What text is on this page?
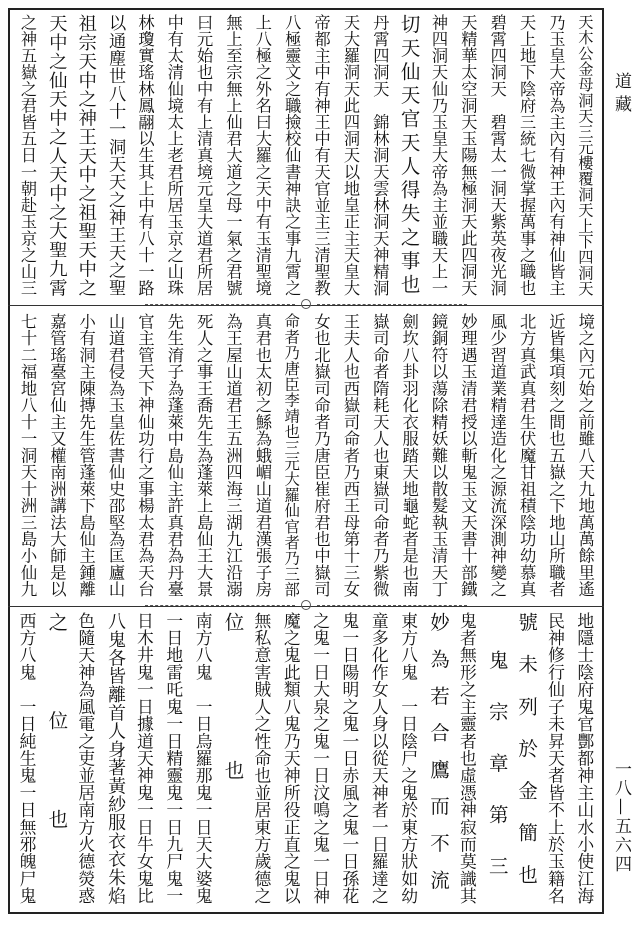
道藏
一八—五六四
天木公金母洞天三元樓覆洞天上下四洞天
乃玉皇大帝為主內有神王內有神仙皆主
天上地下陰府三統七微掌握萬事之職也
碧霄四洞天　碧霄太一洞天紫英夜光洞
天精華太空洞天玉陽無極洞天此四洞天
神四洞天仙乃玉皇大帝為主並職天上一
切天仙天官天人得失之事也
丹霄四洞天　錦林洞天雲林洞天神精洞
天大羅洞天此四洞天以地皇正主天皇大
帝都主中有神王中有天官並主三清聖教
八極靈文之職撿校仙書神訣之事九霄之
上八極之外名曰大羅之天中有玉清聖境
無上至宗無上仙君大道之母一氣之君號
曰元始也中有上清真境元皇大道君所居
中有太清仙境太上老君所居玉京之山珠
林瓊實瑤林鳳翮以生其上中有八十一路
以通塵世八十一洞天天之神王天之聖
祖宗天中之神王天中之祖聖天中之
天中之仙天中之人天中之大聖九霄
之神五嶽之君皆五日一朝赴玉京之山三
境之內元始之前雖八天九地萬萬餘里遙
近皆集項刻之間也五嶽之下地山所職者
北方真武真君生伏魔甘祖積陰功幼慕真
風少習道業精達造化之源流深測神變之
妙理遇玉清君授以斬鬼玉文天書十部鐵
鏡銅符以蕩除精妖難以散髮執玉清天丁
劍坎八卦羽化衣服踏天地龜蛇者是也南
嶽司命者隋耗天人也東嶽司命者乃紫微
王夫人也西嶽司命者乃西王母第十三女
女也北嶽司命者乃唐臣崔府君也中嶽司
命者乃唐臣李靖也三元大羅仙官者乃三部
真君也太初之鯀為蛾嵋山道君漢張子房
為王屋山道君王五洲四海三湖九江沿溺
死人之事王喬先生為蓬萊上島仙王大景
先生淯子為蓬萊中島仙主許真君為丹臺
官主管天下神仙功行之事楊太君為天台
山道君侵為玉皇佐書仙史邵堅為匡廬山
小有洞主陳摶先生管蓬萊下島仙主鍾離
嘉管瑤臺宮仙主又權南洲講法大師是以
七十二福地八十一洞天十洲三島小仙九
地隱士陰府鬼官酆都神主山水小使江海
民神修行仙子未昇天者皆不上於玉籍名
號未列於金簡也
鬼宗章第三
鬼者無形之主靈者也虛憑神寂而莫識其
妙為若合鷹而不流
東方八鬼　一日陰尸之鬼於東方狀如幼
童多化作女人身以從天神者一日羅達之
鬼一日陽明之鬼一日赤風之鬼一日孫花
之鬼一日大泉之鬼一日汶鳴之鬼一日神
魔之鬼此類八鬼乃天神所役正直之鬼以
無私意害賊人之性命也並居東方歲德之
位也
南方八鬼　一日烏羅那鬼一日天大婆鬼
一日地雷吒鬼一日精靈鬼一日九尸鬼一
日木井鬼一日據道天神鬼一日牛女鬼比
八鬼各皆離首人身著黃紗服衣衣朱焰
色隨天神為風電之吏並居南方火德熒惑
之位也
西方八鬼　一日純生鬼一日無邪魄尸鬼
